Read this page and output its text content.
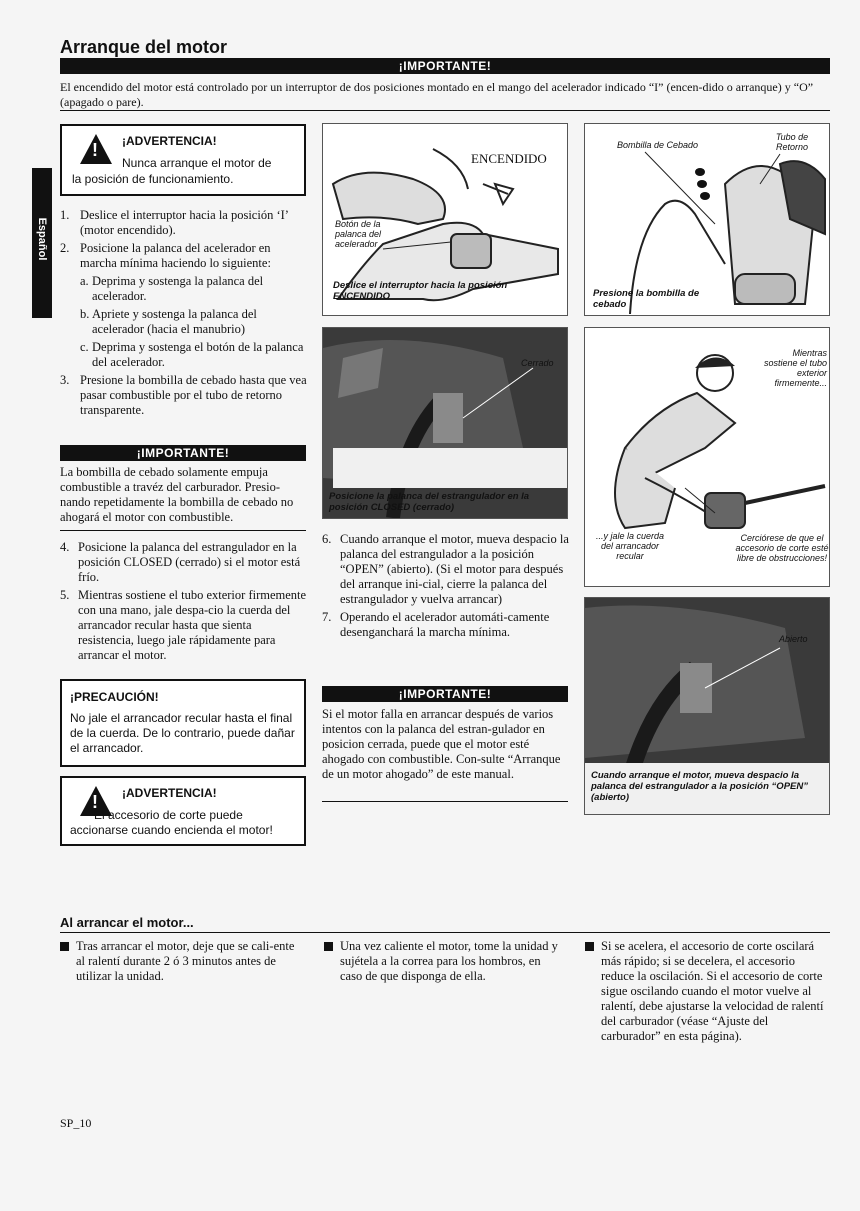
Arranque del motor
¡IMPORTANTE!
El encendido del motor está controlado por un interruptor de dos posiciones montado en el mango del acelerador indicado “I” (encen-dido o arranque) y “O” (apagado o pare).
Español
!
¡ADVERTENCIA!
Nunca arranque el motor de
la posición de funcionamiento.
1. Deslice el interruptor hacia la posición ‘I’ (motor encendido).
2. Posicione la palanca del acelerador en marcha mínima haciendo lo siguiente:
a. Deprima y sostenga la palanca del acelerador.
b. Apriete y sostenga la palanca del acelerador (hacia el manubrio)
c. Deprima y sostenga el botón de la palanca del acelerador.
3. Presione la bombilla de cebado hasta que vea pasar combustible por el tubo de retorno transparente.
¡IMPORTANTE!
La bombilla de cebado solamente empuja combustible a travéz del carburador. Presio-nando repetidamente la bombilla de cebado no ahogará el motor con combustible.
4. Posicione la palanca del estrangulador en la posición CLOSED (cerrado) si el motor está frío.
5. Mientras sostiene el tubo exterior firmemente con una mano, jale despa-cio la cuerda del arrancador recular hasta que sienta resistencia, luego jale rápidamente para arrancar el motor.
¡PRECAUCIÓN!
No jale el arrancador recular hasta el final de la cuerda. De lo contrario, puede dañar el arrancador.
!
¡ADVERTENCIA!
El accesorio de corte puede
accionarse cuando encienda el motor!
ENCENDIDO
Botón de la palanca del acelerador
Deslice el interruptor hacia la posición ENCENDIDO
Bombilla de Cebado
Tubo de Retorno
Presione la bombilla de cebado
Cerrado
Posicione la palanca del estrangulador en la posición CLOSED (cerrado)
Mientras sostiene el tubo exterior firmemente...
...y jale la cuerda del arrancador recular
Cerciórese de que el accesorio de corte esté libre de obstrucciones!
Abierto
Cuando arranque el motor, mueva despacio la palanca del estrangulador a la posición “OPEN” (abierto)
6. Cuando arranque el motor, mueva despacio la palanca del estrangulador a la posición “OPEN” (abierto). (Si el motor para después del arranque ini-cial, cierre la palanca del estrangulador y vuelva arrancar)
7. Operando el acelerador automáti-camente desenganchará la marcha mínima.
¡IMPORTANTE!
Si el motor falla en arrancar después de varios intentos con la palanca del estran-gulador en posicion cerrada, puede que el motor esté ahogado con combustible. Con-sulte “Arranque de un motor ahogado” de este manual.
Al arrancar el motor...
Tras arrancar el motor, deje que se cali-ente al ralentí durante 2 ó 3 minutos antes de utilizar la unidad.
Una vez caliente el motor, tome la unidad y sujétela a la correa para los hombros, en caso de que disponga de ella.
Si se acelera, el accesorio de corte oscilará más rápido; si se decelera, el accesorio reduce la oscilación. Si el accesorio de corte sigue oscilando cuando el motor vuelve al ralentí, debe ajustarse la velocidad de ralentí del carburador (véase “Ajuste del carburador” en esta página).
SP_10
